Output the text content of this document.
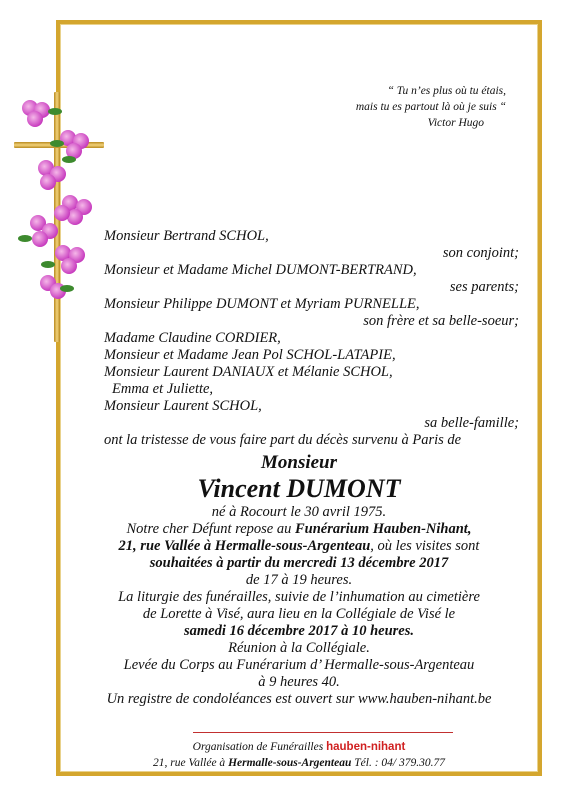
“ Tu n’es plus où tu étais,
mais tu es partout là où je suis “
Victor Hugo
Monsieur Bertrand SCHOL,
son conjoint;
Monsieur et Madame Michel DUMONT-BERTRAND,
ses parents;
Monsieur Philippe DUMONT et Myriam PURNELLE,
son frère et sa belle-soeur;
Madame Claudine CORDIER,
Monsieur et Madame Jean Pol SCHOL-LATAPIE,
Monsieur Laurent DANIAUX et Mélanie SCHOL,
Emma et Juliette,
Monsieur Laurent SCHOL,
sa belle-famille;
ont la tristesse de vous faire part du décès survenu à Paris de
Monsieur
Vincent DUMONT
né à Rocourt le 30 avril 1975.
Notre cher Défunt repose au Funérarium Hauben-Nihant,
21, rue Vallée à Hermalle-sous-Argenteau, où les visites sont
souhaitées à partir du mercredi 13 décembre 2017
de 17 à 19 heures.
La liturgie des funérailles, suivie de l’inhumation au cimetière
de Lorette à Visé, aura lieu en la Collégiale de Visé le
samedi 16 décembre 2017 à 10 heures.
Réunion à la Collégiale.
Levée du Corps au Funérarium d’ Hermalle-sous-Argenteau
à 9 heures 40.
Un registre de condoléances est ouvert sur www.hauben-nihant.be
Organisation de Funérailles hauben-nihant
21, rue Vallée à Hermalle-sous-Argenteau Tél. : 04/ 379.30.77
